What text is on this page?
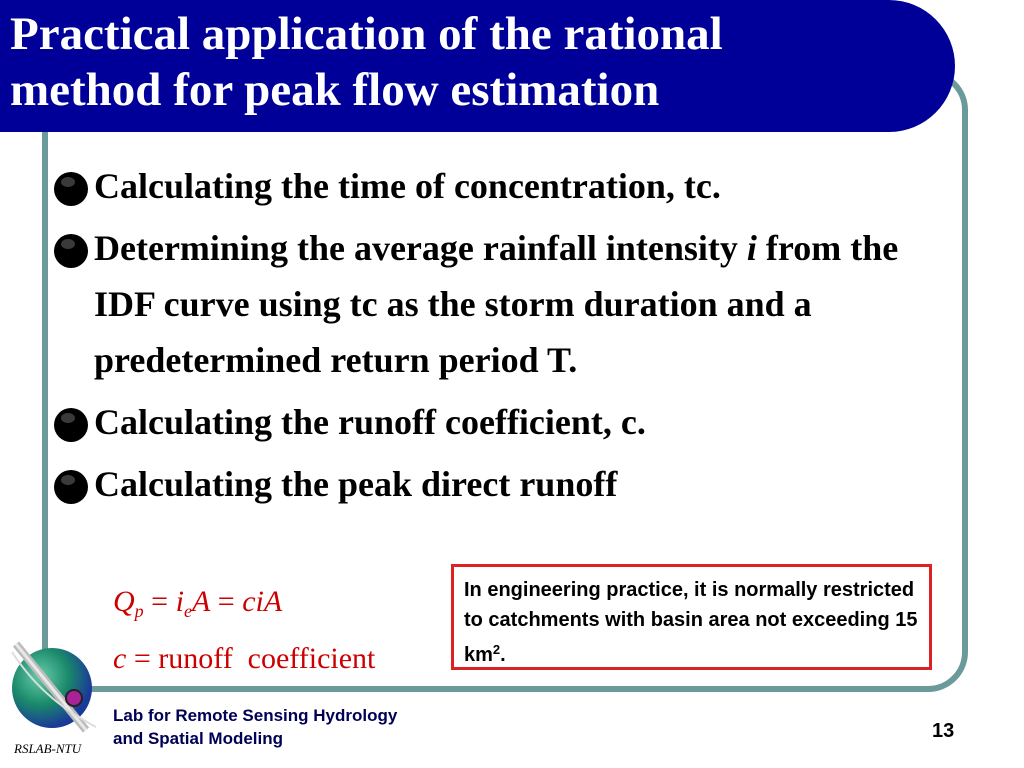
Practical application of the rational
method for peak flow estimation
Calculating the time of concentration, tc.
Determining the average rainfall intensity i from the IDF curve using tc as the storm duration and a predetermined return period T.
Calculating the runoff coefficient, c.
Calculating the peak direct runoff
$Q_p = i_eA$ = ciA
c = runoff  coefficient
In engineering practice, it is normally restricted to catchments with basin area not exceeding 15 $km^2$.
RSLAB-NTU
Lab for Remote Sensing Hydrology
and Spatial Modeling	13
